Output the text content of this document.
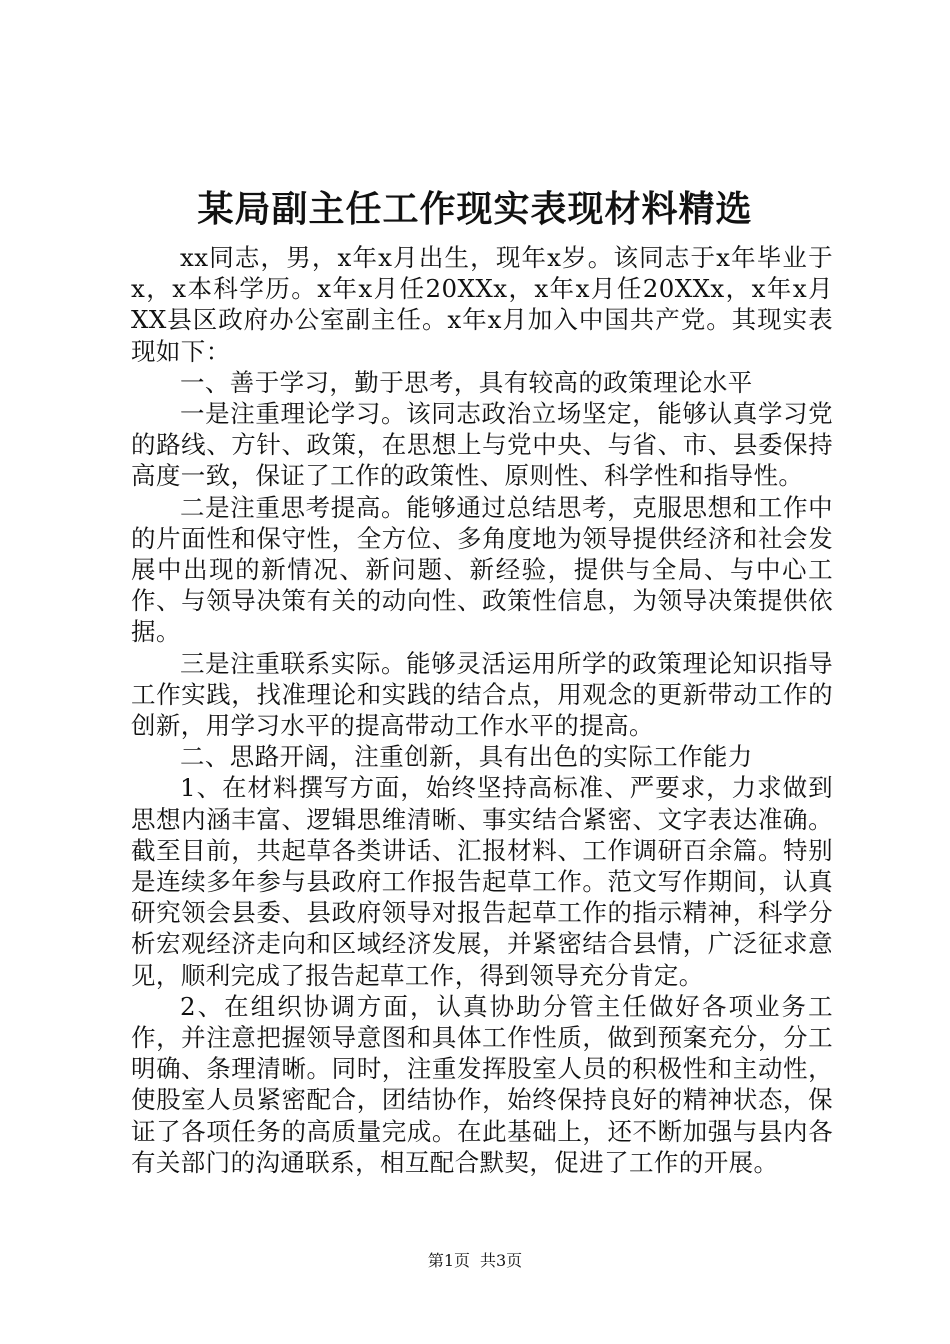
某局副主任工作现实表现材料精选

xx同志，男，x年x月出生，现年x岁。该同志于x年毕业于x，x本科学历。x年x月任20XXx，x年x月任20XXx，x年x月XX县区政府办公室副主任。x年x月加入中国共产党。其现实表现如下：

一、善于学习，勤于思考，具有较高的政策理论水平

一是注重理论学习。该同志政治立场坚定，能够认真学习党的路线、方针、政策，在思想上与党中央、与省、市、县委保持高度一致，保证了工作的政策性、原则性、科学性和指导性。

二是注重思考提高。能够通过总结思考，克服思想和工作中的片面性和保守性，全方位、多角度地为领导提供经济和社会发展中出现的新情况、新问题、新经验，提供与全局、与中心工作、与领导决策有关的动向性、政策性信息，为领导决策提供依据。

三是注重联系实际。能够灵活运用所学的政策理论知识指导工作实践，找准理论和实践的结合点，用观念的更新带动工作的创新，用学习水平的提高带动工作水平的提高。

二、思路开阔，注重创新，具有出色的实际工作能力

1、在材料撰写方面，始终坚持高标准、严要求，力求做到思想内涵丰富、逻辑思维清晰、事实结合紧密、文字表达准确。截至目前，共起草各类讲话、汇报材料、工作调研百余篇。特别是连续多年参与县政府工作报告起草工作。范文写作期间，认真研究领会县委、县政府领导对报告起草工作的指示精神，科学分析宏观经济走向和区域经济发展，并紧密结合县情，广泛征求意见，顺利完成了报告起草工作，得到领导充分肯定。

2、在组织协调方面，认真协助分管主任做好各项业务工作，并注意把握领导意图和具体工作性质，做到预案充分，分工明确、条理清晰。同时，注重发挥股室人员的积极性和主动性，使股室人员紧密配合，团结协作，始终保持良好的精神状态，保证了各项任务的高质量完成。在此基础上，还不断加强与县内各有关部门的沟通联系，相互配合默契，促进了工作的开展。

第1页 共3页
